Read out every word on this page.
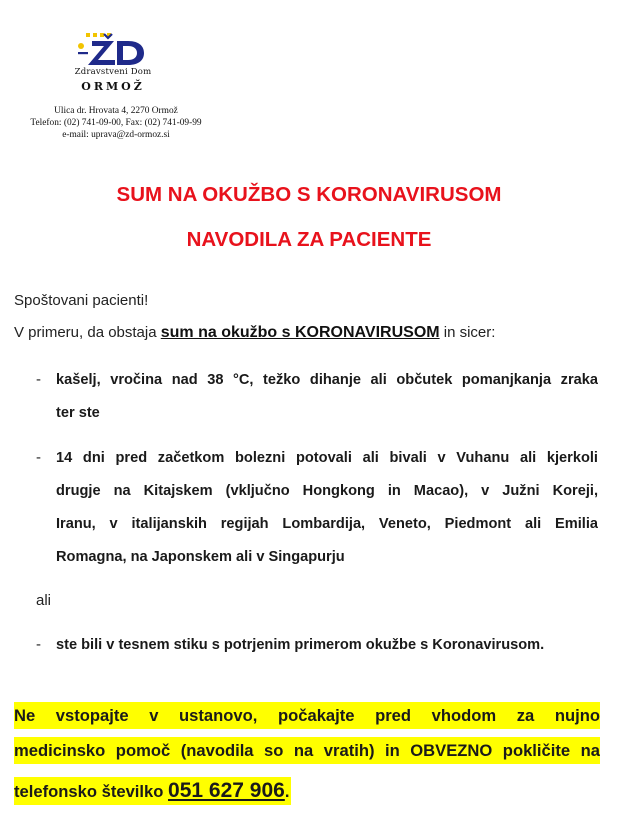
Zdravstveni Dom
ORMOŽ
Ulica dr. Hrovata 4, 2270 Ormož
Telefon: (02) 741-09-00, Fax: (02) 741-09-99
e-mail: uprava@zd-ormoz.si
SUM NA OKUŽBO S KORONAVIRUSOM
NAVODILA ZA PACIENTE
Spoštovani pacienti!
V primeru, da obstaja sum na okužbo s KORONAVIRUSOM in sicer:
- kašelj, vročina nad 38 °C, težko dihanje ali občutek pomanjkanja zraka
ter ste
- 14 dni pred začetkom bolezni potovali ali bivali v Vuhanu ali kjerkoli
drugje na Kitajskem (vključno Hongkong in Macao), v Južni Koreji,
Iranu, v italijanskih regijah Lombardija, Veneto, Piedmont ali Emilia
Romagna, na Japonskem ali v Singapurju
ali
- ste bili v tesnem stiku s potrjenim primerom okužbe s Koronavirusom.
Ne vstopajte v ustanovo, počakajte pred vhodom za nujno
medicinsko pomoč (navodila so na vratih) in OBVEZNO pokličite na
telefonsko številko 051 627 906.
